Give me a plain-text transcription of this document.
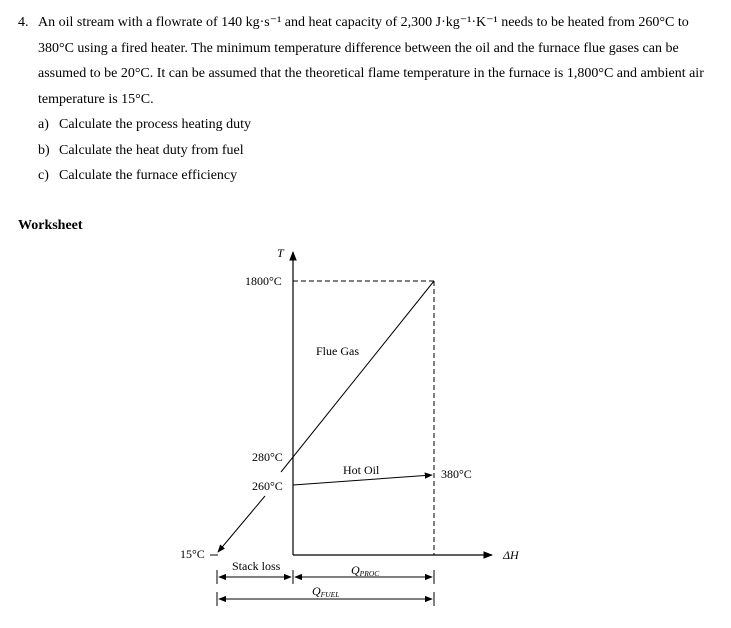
4. An oil stream with a flowrate of 140 kg·s⁻¹ and heat capacity of 2,300 J·kg⁻¹·K⁻¹ needs to be heated from 260°C to 380°C using a fired heater. The minimum temperature difference between the oil and the furnace flue gases can be assumed to be 20°C. It can be assumed that the theoretical flame temperature in the furnace is 1,800°C and ambient air temperature is 15°C.
a) Calculate the process heating duty
b) Calculate the heat duty from fuel
c) Calculate the furnace efficiency
Worksheet
T
ΔH
1800°C
Flue Gas
280°C
260°C
Hot Oil	380°C
15°C
Stack loss	QPROC
QFUEL
